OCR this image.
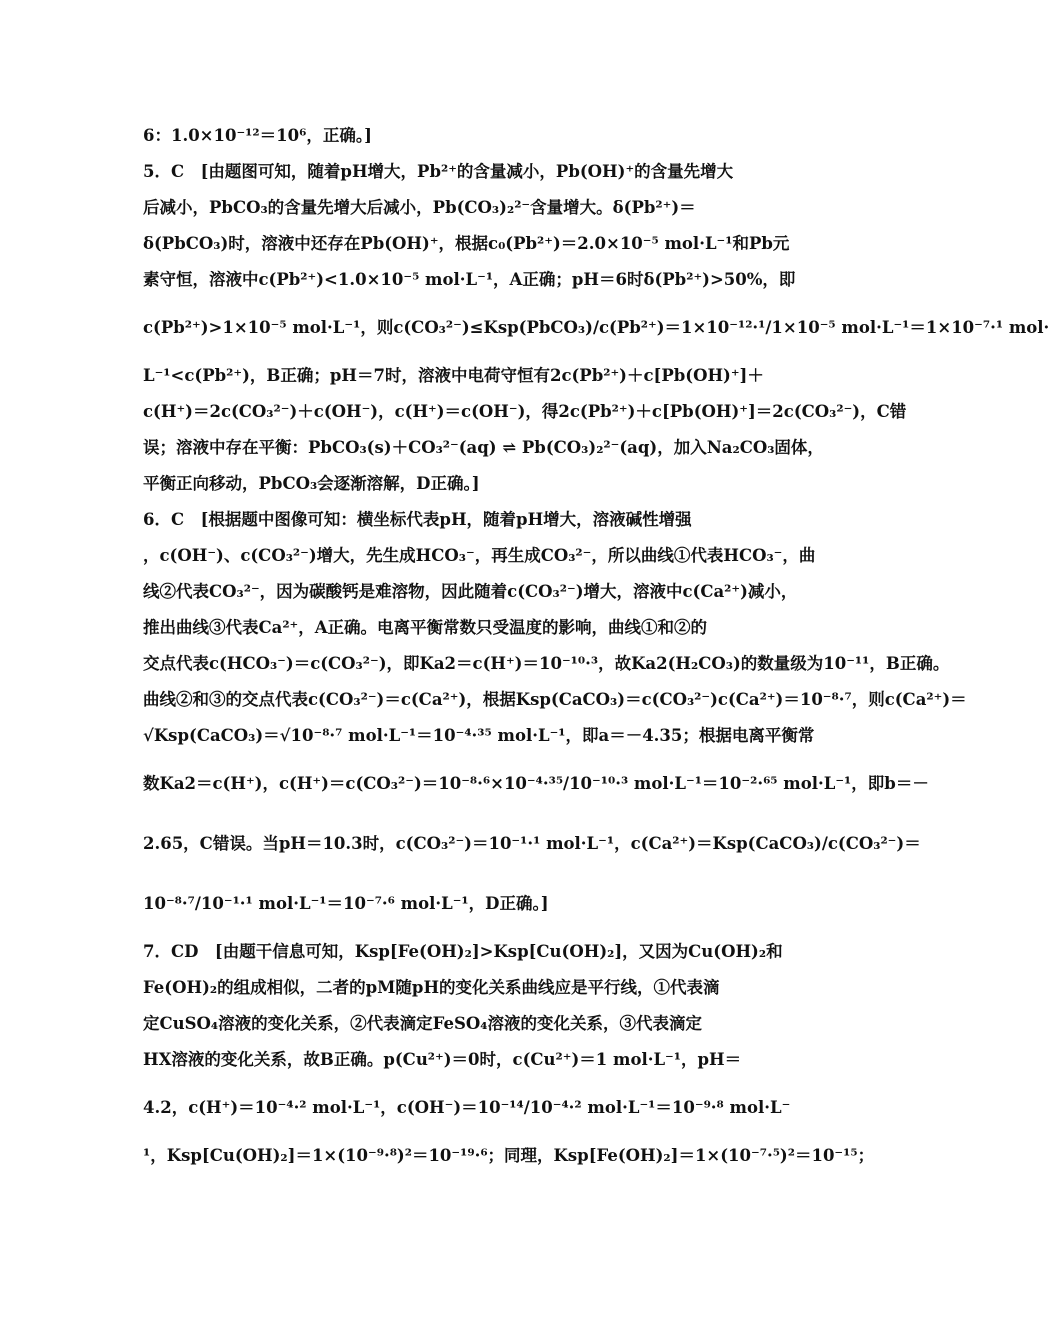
6：1.0×10⁻¹²＝10⁶，正确。]
5．C　[由题图可知，随着pH增大，Pb²⁺的含量减小，Pb(OH)⁺的含量先增大
后减小，PbCO₃的含量先增大后减小，Pb(CO₃)₂²⁻含量增大。δ(Pb²⁺)＝
δ(PbCO₃)时，溶液中还存在Pb(OH)⁺，根据c₀(Pb²⁺)＝2.0×10⁻⁵ mol·L⁻¹和Pb元
素守恒，溶液中c(Pb²⁺)<1.0×10⁻⁵ mol·L⁻¹，A正确；pH＝6时δ(Pb²⁺)>50%，即
c(Pb²⁺)>1×10⁻⁵ mol·L⁻¹，则c(CO₃²⁻)≤Ksp(PbCO₃)/c(Pb²⁺)＝1×10⁻¹²·¹/1×10⁻⁵ mol·L⁻¹＝1×10⁻⁷·¹ mol·
L⁻¹<c(Pb²⁺)，B正确；pH＝7时，溶液中电荷守恒有2c(Pb²⁺)＋c[Pb(OH)⁺]＋
c(H⁺)＝2c(CO₃²⁻)＋c(OH⁻)，c(H⁺)＝c(OH⁻)，得2c(Pb²⁺)＋c[Pb(OH)⁺]＝2c(CO₃²⁻)，C错
误；溶液中存在平衡：PbCO₃(s)＋CO₃²⁻(aq) ⇌ Pb(CO₃)₂²⁻(aq)，加入Na₂CO₃固体，
平衡正向移动，PbCO₃会逐渐溶解，D正确。]
6．C　[根据题中图像可知：横坐标代表pH，随着pH增大，溶液碱性增强
，c(OH⁻)、c(CO₃²⁻)增大，先生成HCO₃⁻，再生成CO₃²⁻，所以曲线①代表HCO₃⁻，曲
线②代表CO₃²⁻，因为碳酸钙是难溶物，因此随着c(CO₃²⁻)增大，溶液中c(Ca²⁺)减小，
推出曲线③代表Ca²⁺，A正确。电离平衡常数只受温度的影响，曲线①和②的
交点代表c(HCO₃⁻)＝c(CO₃²⁻)，即Ka2＝c(H⁺)＝10⁻¹⁰·³，故Ka2(H₂CO₃)的数量级为10⁻¹¹，B正确。
曲线②和③的交点代表c(CO₃²⁻)＝c(Ca²⁺)，根据Ksp(CaCO₃)＝c(CO₃²⁻)c(Ca²⁺)＝10⁻⁸·⁷，则c(Ca²⁺)＝
√Ksp(CaCO₃)＝√10⁻⁸·⁷ mol·L⁻¹＝10⁻⁴·³⁵ mol·L⁻¹，即a＝－4.35；根据电离平衡常
数Ka2＝c(H⁺)，c(H⁺)＝c(CO₃²⁻)＝10⁻⁸·⁶×10⁻⁴·³⁵/10⁻¹⁰·³ mol·L⁻¹＝10⁻²·⁶⁵ mol·L⁻¹，即b＝－
2.65，C错误。当pH＝10.3时，c(CO₃²⁻)＝10⁻¹·¹ mol·L⁻¹，c(Ca²⁺)＝Ksp(CaCO₃)/c(CO₃²⁻)＝
10⁻⁸·⁷/10⁻¹·¹ mol·L⁻¹＝10⁻⁷·⁶ mol·L⁻¹，D正确。]
7．CD　[由题干信息可知，Ksp[Fe(OH)₂]>Ksp[Cu(OH)₂]，又因为Cu(OH)₂和
Fe(OH)₂的组成相似，二者的pM随pH的变化关系曲线应是平行线，①代表滴
定CuSO₄溶液的变化关系，②代表滴定FeSO₄溶液的变化关系，③代表滴定
HX溶液的变化关系，故B正确。p(Cu²⁺)＝0时，c(Cu²⁺)＝1 mol·L⁻¹，pH＝
4.2，c(H⁺)＝10⁻⁴·² mol·L⁻¹，c(OH⁻)＝10⁻¹⁴/10⁻⁴·² mol·L⁻¹＝10⁻⁹·⁸ mol·L⁻
¹，Ksp[Cu(OH)₂]＝1×(10⁻⁹·⁸)²＝10⁻¹⁹·⁶；同理，Ksp[Fe(OH)₂]＝1×(10⁻⁷·⁵)²＝10⁻¹⁵；
